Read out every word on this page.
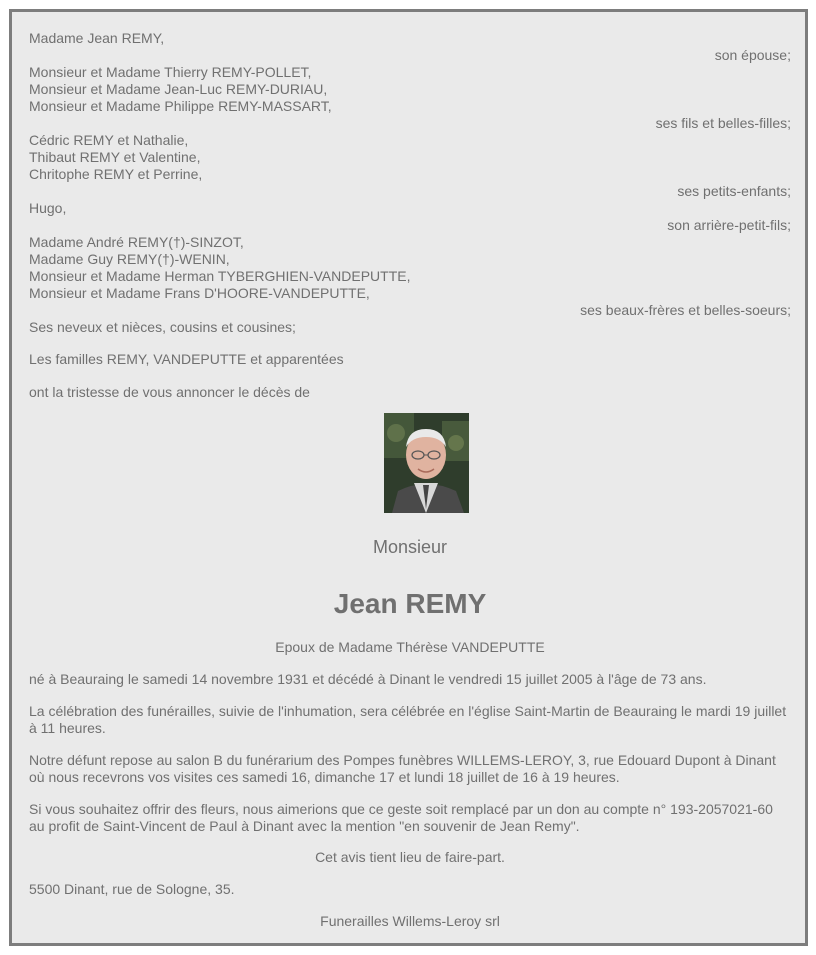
Madame Jean REMY,
son épouse;
Monsieur et Madame Thierry REMY-POLLET,
Monsieur et Madame Jean-Luc REMY-DURIAU,
Monsieur et Madame Philippe REMY-MASSART,
ses fils et belles-filles;
Cédric REMY et Nathalie,
Thibaut REMY et Valentine,
Chritophe REMY et Perrine,
ses petits-enfants;
Hugo,
son arrière-petit-fils;
Madame André REMY(†)-SINZOT,
Madame Guy REMY(†)-WENIN,
Monsieur et Madame Herman TYBERGHIEN-VANDEPUTTE,
Monsieur et Madame Frans D'HOORE-VANDEPUTTE,
ses beaux-frères et belles-soeurs;
Ses neveux et nièces, cousins et cousines;
Les familles REMY, VANDEPUTTE et apparentées
ont la tristesse de vous annoncer le décès de
Monsieur
Jean REMY
Epoux de Madame Thérèse VANDEPUTTE
né à Beauraing le samedi 14 novembre 1931 et décédé à Dinant le vendredi 15 juillet 2005 à l'âge de 73 ans.
La célébration des funérailles, suivie de l'inhumation, sera célébrée en l'église Saint-Martin de Beauraing le mardi 19 juillet à 11 heures.
Notre défunt repose au salon B du funérarium des Pompes funèbres WILLEMS-LEROY, 3, rue Edouard Dupont à Dinant où nous recevrons vos visites ces samedi 16, dimanche 17 et lundi 18 juillet de 16 à 19 heures.
Si vous souhaitez offrir des fleurs, nous aimerions que ce geste soit remplacé par un don au compte n° 193-2057021-60 au profit de Saint-Vincent de Paul à Dinant avec la mention "en souvenir de Jean Remy".
Cet avis tient lieu de faire-part.
5500 Dinant, rue de Sologne, 35.
Funerailles Willems-Leroy srl
